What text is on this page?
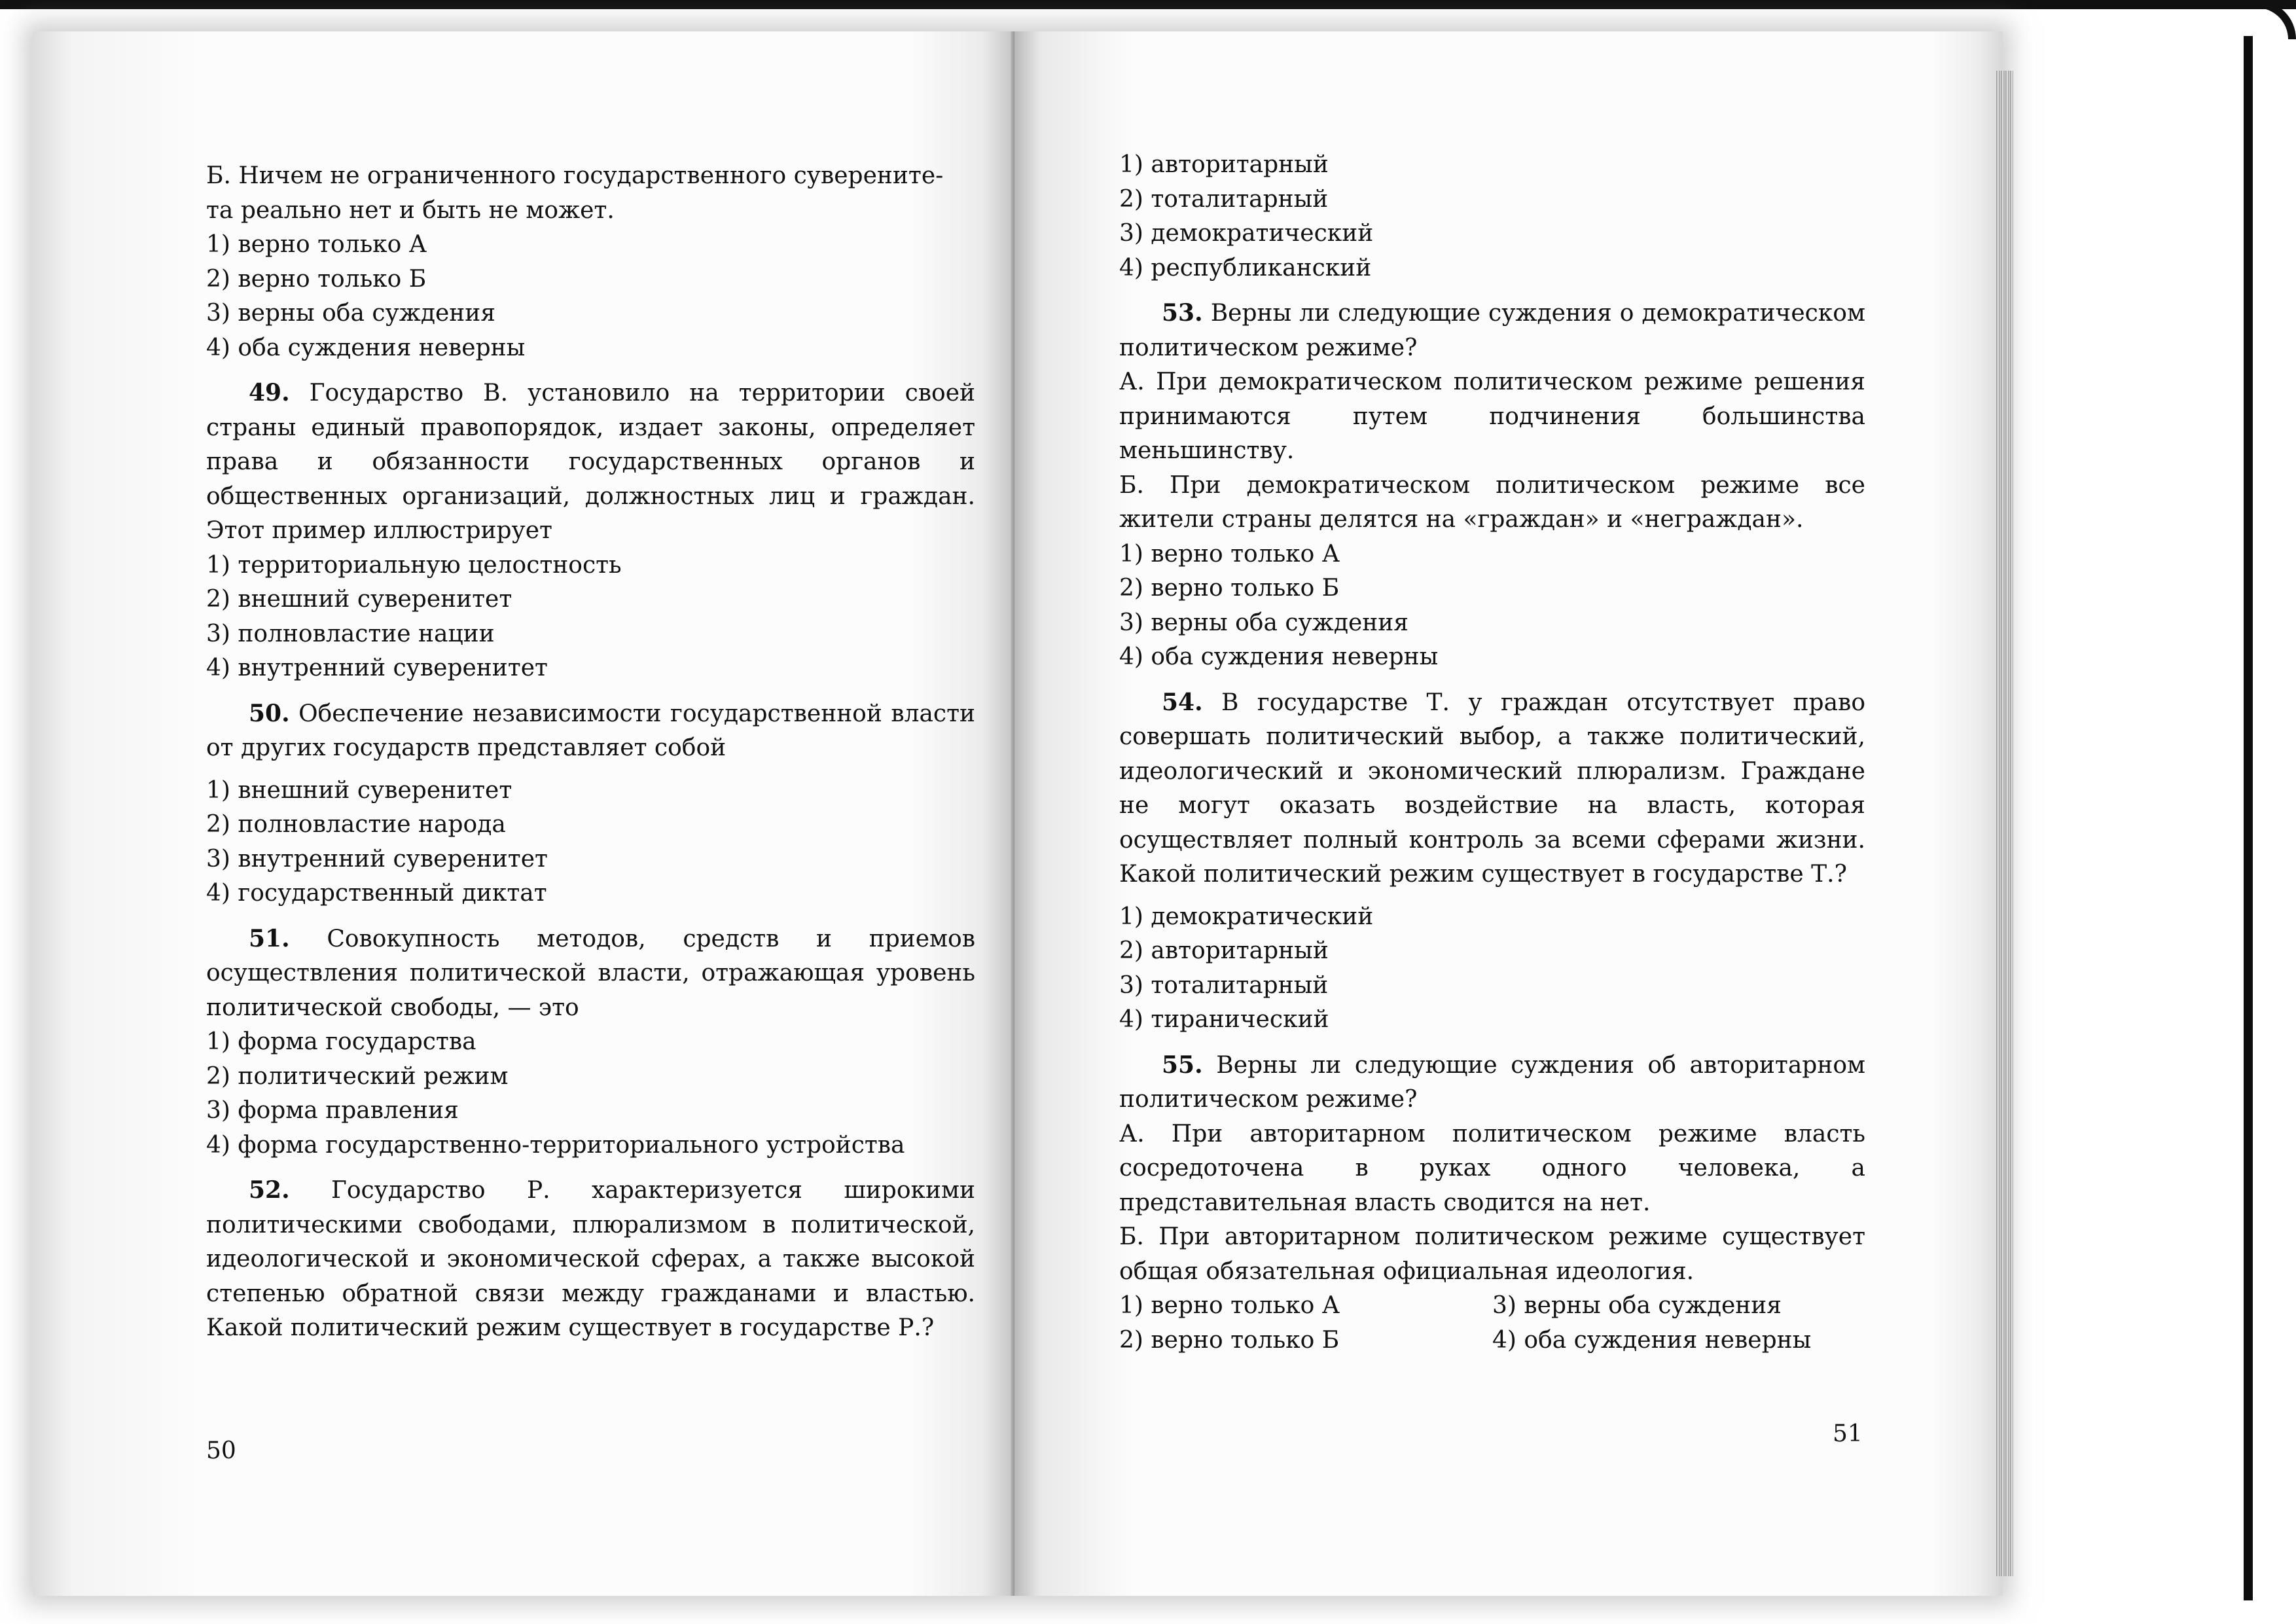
Б. Ничем не ограниченного государственного суверените-

та реально нет и быть не может.

1) верно только А

2) верно только Б

3) верны оба суждения

4) оба суждения неверны

49. Государство В. установило на территории своей страны единый правопорядок, издает законы, определяет права и обязанности государственных органов и общественных организаций, должностных лиц и граждан. Этот пример иллюстрирует

1) территориальную целостность

2) внешний суверенитет

3) полновластие нации

4) внутренний суверенитет

50. Обеспечение независимости государственной власти от других государств представляет собой

1) внешний суверенитет

2) полновластие народа

3) внутренний суверенитет

4) государственный диктат

51. Совокупность методов, средств и приемов осуществления политической власти, отражающая уровень политической свободы, — это

1) форма государства

2) политический режим

3) форма правления

4) форма государственно-территориального устройства

52. Государство Р. характеризуется широкими политическими свободами, плюрализмом в политической, идеологической и экономической сферах, а также высокой степенью обратной связи между гражданами и властью. Какой политический режим существует в государстве Р.?

50

1) авторитарный

2) тоталитарный

3) демократический

4) республиканский

53. Верны ли следующие суждения о демократическом политическом режиме?

А. При демократическом политическом режиме решения принимаются путем подчинения большинства меньшинству.

Б. При демократическом политическом режиме все жители страны делятся на «граждан» и «неграждан».

1) верно только А

2) верно только Б

3) верны оба суждения

4) оба суждения неверны

54. В государстве Т. у граждан отсутствует право совершать политический выбор, а также политический, идеологический и экономический плюрализм. Граждане не могут оказать воздействие на власть, которая осуществляет полный контроль за всеми сферами жизни. Какой политический режим существует в государстве Т.?

1) демократический

2) авторитарный

3) тоталитарный

4) тиранический

55. Верны ли следующие суждения об авторитарном политическом режиме?

А. При авторитарном политическом режиме власть сосредоточена в руках одного человека, а представительная власть сводится на нет.

Б. При авторитарном политическом режиме существует общая обязательная официальная идеология.

1) верно только А

2) верно только Б

3) верны оба суждения

4) оба суждения неверны

51
